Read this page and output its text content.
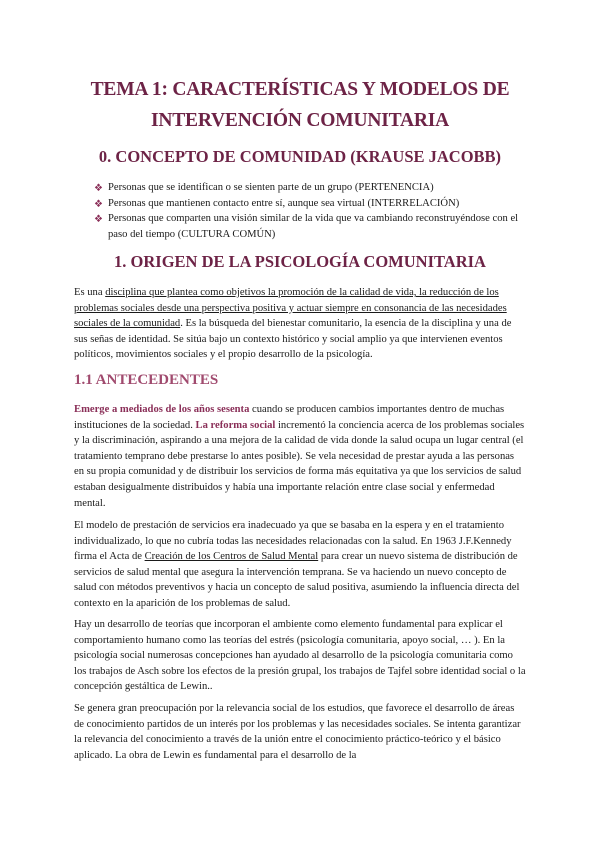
TEMA 1: CARACTERÍSTICAS Y MODELOS DE
INTERVENCIÓN COMUNITARIA
0. CONCEPTO DE COMUNIDAD (KRAUSE JACOBB)
❖ Personas que se identifican o se sienten parte de un grupo (PERTENENCIA)
❖ Personas que mantienen contacto entre sí, aunque sea virtual (INTERRELACIÓN)
❖ Personas que comparten una visión similar de la vida que va cambiando reconstruyéndose con el paso del tiempo (CULTURA COMÚN)
1. ORIGEN DE LA PSICOLOGÍA COMUNITARIA

Es una disciplina que plantea como objetivos la promoción de la calidad de vida, la reducción de los problemas sociales desde una perspectiva positiva y actuar siempre en consonancia de las necesidades sociales de la comunidad. Es la búsqueda del bienestar comunitario, la esencia de la disciplina y una de sus señas de identidad. Se sitúa bajo un contexto histórico y social amplio ya que intervienen eventos políticos, movimientos sociales y el propio desarrollo de la psicología.

1.1 ANTECEDENTES

Emerge a mediados de los años sesenta cuando se producen cambios importantes dentro de muchas instituciones de la sociedad. La reforma social incrementó la conciencia acerca de los problemas sociales y la discriminación, aspirando a una mejora de la calidad de vida donde la salud ocupa un lugar central (el tratamiento temprano debe prestarse lo antes posible). Se vela necesidad de prestar ayuda a las personas en su propia comunidad y de distribuir los servicios de forma más equitativa ya que los servicios de salud estaban desigualmente distribuidos y había una importante relación entre clase social y enfermedad mental.

El modelo de prestación de servicios era inadecuado ya que se basaba en la espera y en el tratamiento individualizado, lo que no cubría todas las necesidades relacionadas con la salud. En 1963 J.F.Kennedy firma el Acta de Creación de los Centros de Salud Mental para crear un nuevo sistema de distribución de servicios de salud mental que asegura la intervención temprana. Se va haciendo un nuevo concepto de salud con métodos preventivos y hacia un concepto de salud positiva, asumiendo la influencia directa del contexto en la aparición de los problemas de salud.

Hay un desarrollo de teorías que incorporan el ambiente como elemento fundamental para explicar el comportamiento humano como las teorías del estrés (psicología comunitaria, apoyo social, … ). En la psicología social numerosas concepciones han ayudado al desarrollo de la psicología comunitaria como los trabajos de Asch sobre los efectos de la presión grupal, los trabajos de Tajfel sobre identidad social o la concepción gestáltica de Lewin..

Se genera gran preocupación por la relevancia social de los estudios, que favorece el desarrollo de áreas de conocimiento partidos de un interés por los problemas y las necesidades sociales. Se intenta garantizar la relevancia del conocimiento a través de la unión entre el conocimiento práctico-teórico y el básico aplicado. La obra de Lewin es fundamental para el desarrollo de la
